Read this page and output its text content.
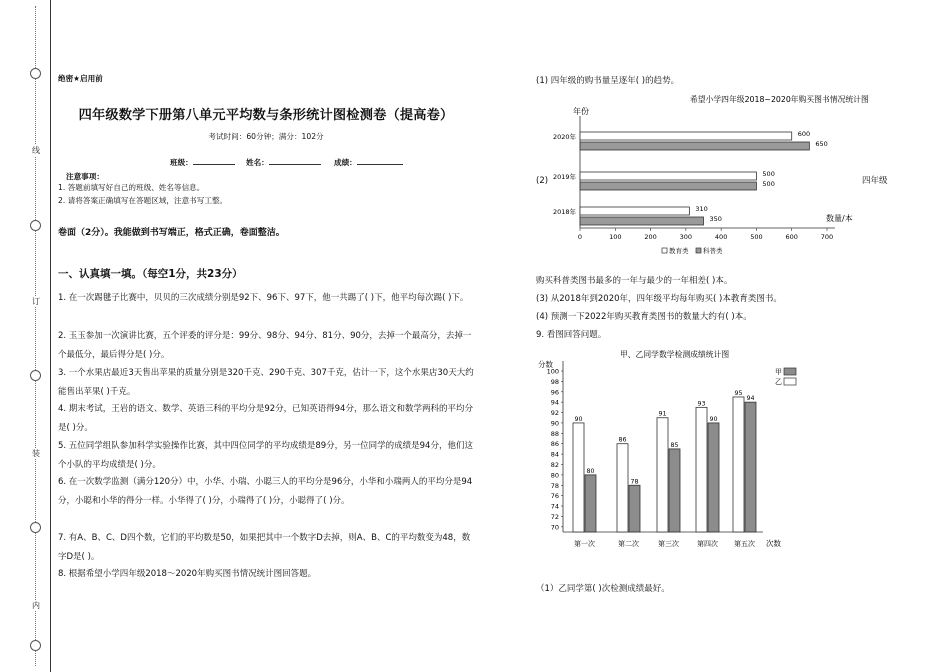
线
订
装
内
绝密★启用前
四年级数学下册第八单元平均数与条形统计图检测卷（提高卷）
考试时间：60分钟；满分：102分
班级：	姓名：	成绩：
注意事项：
1. 答题前填写好自己的班级、姓名等信息。
2. 请将答案正确填写在答题区域，注意书写工整。
卷面（2分）。我能做到书写端正，格式正确，卷面整洁。
一、认真填一填。（每空1分，共23分）
1. 在一次踢毽子比赛中，贝贝的三次成绩分别是92下、96下、97下，他一共踢了( )下，他平均每次踢( )下。
2. 玉玉参加一次演讲比赛，五个评委的评分是：99分、98分、94分、81分、90分，去掉一个最高分，去掉一个最低分，最后得分是( )分。
3. 一个水果店最近3天售出苹果的质量分别是320千克、290千克、307千克，估计一下，这个水果店30天大约能售出苹果( )千克。
4. 期末考试，王岩的语文、数学、英语三科的平均分是92分，已知英语得94分，那么语文和数学两科的平均分是( )分。
5. 五位同学组队参加科学实验操作比赛，其中四位同学的平均成绩是89分，另一位同学的成绩是94分，他们这个小队的平均成绩是( )分。
6. 在一次数学监测（满分120分）中，小华、小瑞、小聪三人的平均分是96分，小华和小瑞两人的平均分是94分，小聪和小华的得分一样。小华得了( )分，小瑞得了( )分，小聪得了( )分。
7. 有A、B、C、D四个数，它们的平均数是50，如果把其中一个数字D去掉，则A、B、C的平均数变为48，数字D是( )。
8. 根据希望小学四年级2018～2020年购买图书情况统计图回答题。
(1) 四年级的购书量呈逐年( )的趋势。
希望小学四年级2018~2020年购买图书情况统计图
年份
0	100	200	300	400	500	600	700
2020年	600
650
2019年	500
500
2018年	310
350	数量/本
教育类 科普类
(2)	四年级
购买科普类图书最多的一年与最少的一年相差( )本。
(3) 从2018年到2020年，四年级平均每年购买( )本教育类图书。
(4) 预测一下2022年购买教育类图书的数量大约有( )本。
9. 看图回答问题。
甲、乙同学数学检测成绩统计图
分数
70
72
74
76
78
80
82
84
86
88
90
92
94
96
98
100
90
80
第一次
86
78
第二次
91
85
第三次
93
90
第四次
95
94
第五次 次数
甲
乙
（1）乙同学第( )次检测成绩最好。
